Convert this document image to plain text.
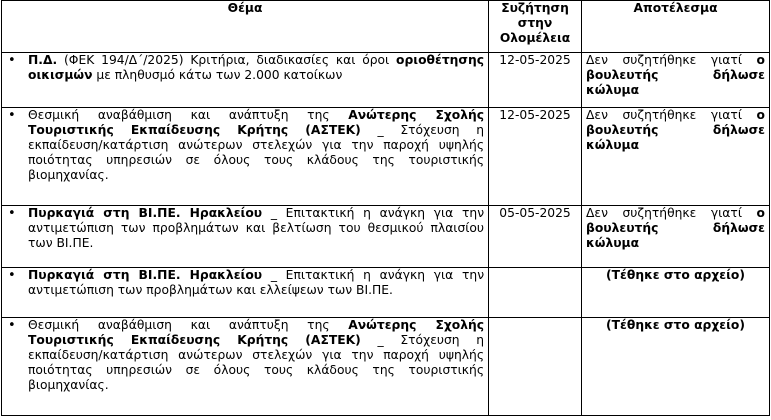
Θέμα	Συζήτηση στην Ολομέλεια	Αποτέλεσμα

• Π.Δ. (ΦΕΚ 194/Δ΄/2025) Κριτήρια, διαδικασίες και όροι οριοθέτησης οικισμών με πληθυσμό κάτω των 2.000 κατοίκων	12-05-2025	Δεν συζητήθηκε γιατί ο βουλευτής δήλωσε κώλυμα

• Θεσμική αναβάθμιση και ανάπτυξη της Ανώτερης Σχολής Τουριστικής Εκπαίδευσης Κρήτης (ΑΣΤΕΚ) _ Στόχευση η εκπαίδευση/κατάρτιση ανώτερων στελεχών για την παροχή υψηλής ποιότητας υπηρεσιών σε όλους τους κλάδους της τουριστικής βιομηχανίας.	12-05-2025	Δεν συζητήθηκε γιατί ο βουλευτής δήλωσε κώλυμα

• Πυρκαγιά στη ΒΙ.ΠΕ. Ηρακλείου _ Επιτακτική η ανάγκη για την αντιμετώπιση των προβλημάτων και βελτίωση του θεσμικού πλαισίου των ΒΙ.ΠΕ.	05-05-2025	Δεν συζητήθηκε γιατί ο βουλευτής δήλωσε κώλυμα

• Πυρκαγιά στη ΒΙ.ΠΕ. Ηρακλείου _ Επιτακτική η ανάγκη για την αντιμετώπιση των προβλημάτων και ελλείψεων των ΒΙ.ΠΕ.		(Τέθηκε στο αρχείο)

• Θεσμική αναβάθμιση και ανάπτυξη της Ανώτερης Σχολής Τουριστικής Εκπαίδευσης Κρήτης (ΑΣΤΕΚ) _ Στόχευση η εκπαίδευση/κατάρτιση ανώτερων στελεχών για την παροχή υψηλής ποιότητας υπηρεσιών σε όλους τους κλάδους της τουριστικής βιομηχανίας.		(Τέθηκε στο αρχείο)
